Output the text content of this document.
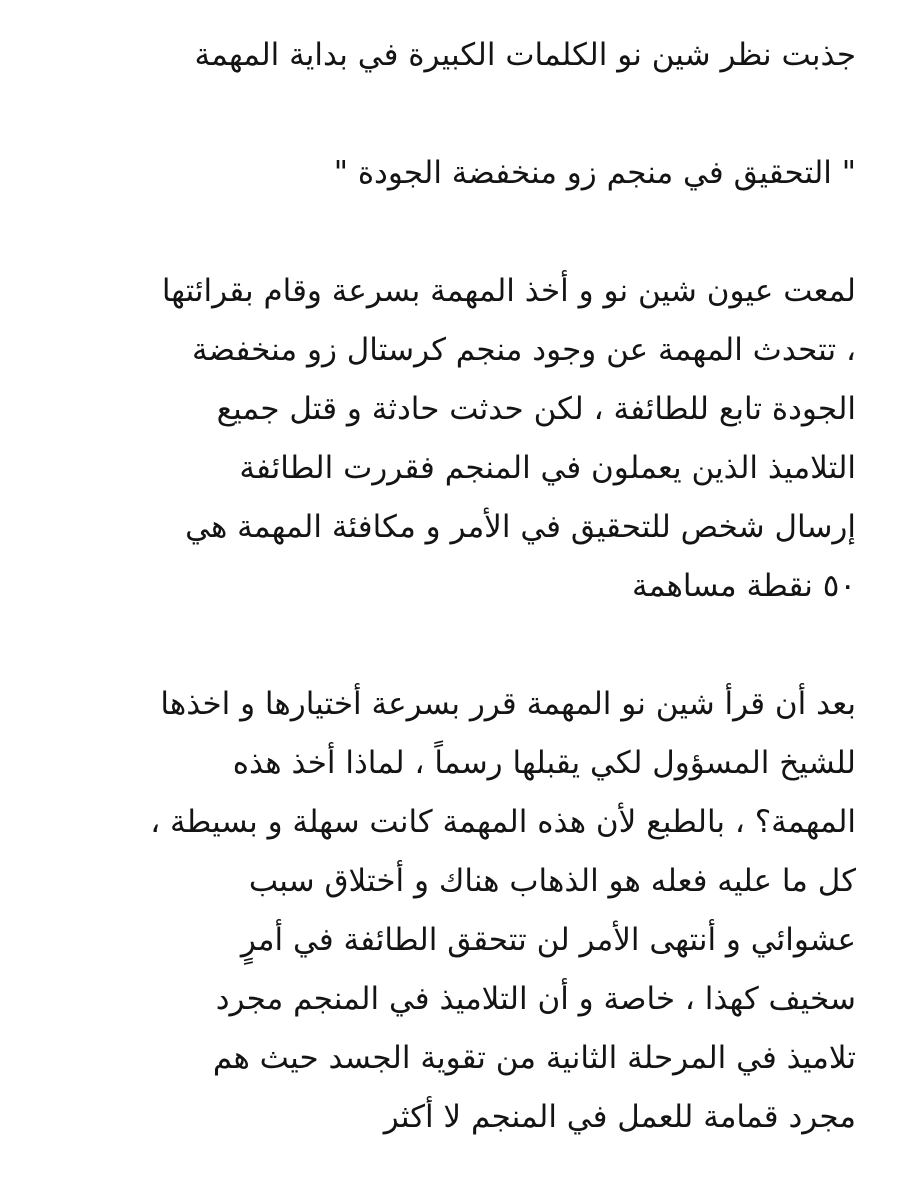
جذبت نظر شين نو الكلمات الكبيرة في بداية المهمة

" التحقيق في منجم زو منخفضة الجودة "

لمعت عيون شين نو و أخذ المهمة بسرعة وقام بقرائتها
، تتحدث المهمة عن وجود منجم كرستال زو منخفضة
الجودة تابع للطائفة ، لكن حدثت حادثة و قتل جميع
التلاميذ الذين يعملون في المنجم فقررت الطائفة
إرسال شخص للتحقيق في الأمر و مكافئة المهمة هي
٥٠ نقطة مساهمة

بعد أن قرأ شين نو المهمة قرر بسرعة أختيارها و اخذها
للشيخ المسؤول لكي يقبلها رسماً ، لماذا أخذ هذه
المهمة؟ ، بالطبع لأن هذه المهمة كانت سهلة و بسيطة ،
كل ما عليه فعله هو الذهاب هناك و أختلاق سبب
عشوائي و أنتهى الأمر لن تتحقق الطائفة في أمرٍ
سخيف كهذا ، خاصة و أن التلاميذ في المنجم مجرد
تلاميذ في المرحلة الثانية من تقوية الجسد حيث هم
مجرد قمامة للعمل في المنجم لا أكثر
